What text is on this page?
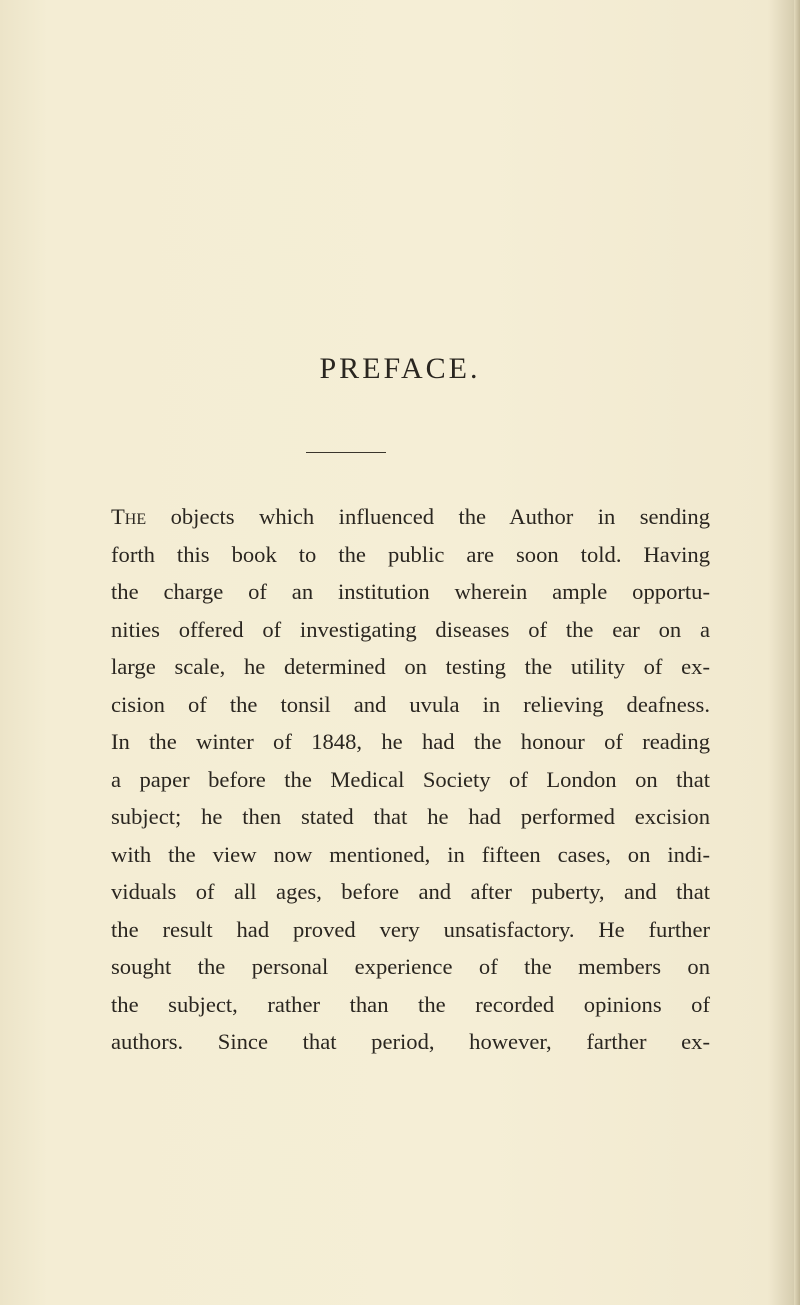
PREFACE.
The objects which influenced the Author in sending
forth this book to the public are soon told. Having
the charge of an institution wherein ample opportu-
nities offered of investigating diseases of the ear on a
large scale, he determined on testing the utility of ex-
cision of the tonsil and uvula in relieving deafness.
In the winter of 1848, he had the honour of reading
a paper before the Medical Society of London on that
subject; he then stated that he had performed excision
with the view now mentioned, in fifteen cases, on indi-
viduals of all ages, before and after puberty, and that
the result had proved very unsatisfactory. He further
sought the personal experience of the members on
the subject, rather than the recorded opinions of
authors. Since that period, however, farther ex-
